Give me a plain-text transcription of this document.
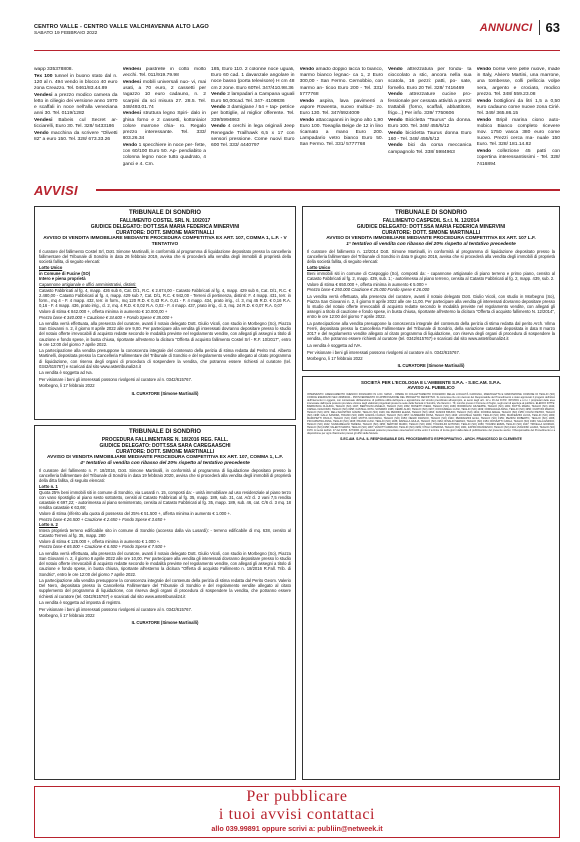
CENTRO VALLE - CENTRO VALLE VALCHIAVENNA ALTO LAGO
SABATO 19 FEBBRAIO 2022	ANNUNCI	63
wapp 335378808.
Tex 100 tunnel in buono stato dal n. 120 al n. 494 vendo in blocco 40 euro zona Creazzo. Tel. 0461/83.44.89
Vendesi a prezzo modico camera da letto in ciliegio dei versione anno 1970 e scaffali in noce nell'alla veneziana anni 30. Tel. 0119/1282
Vendesi Babeis cul Secret ar- ticciarelli, Euro 30. Tel. 328/ 5433186
Vendo macchina da scrivere "Olivetti 82" a euro 150. Tel. 328/ 673.33.26
Vendesi piastrelle in cotto molto vecchi. Tel. 011/919.79.98
Vendesi mobili universali nuo- vi, mai usati, a 70 euro, 2 cassetti per ragazzo 10 euro cadauno, n. 2 scarpini da sci misura 27. 28.5. Tel. 348/493.01.74
Vendesi struttura legno Spiri- dalo in ghisa forno e 2 cassetti, kottoniaio! colore marrone chia- ro. Regalo prezzo interessante. Tel. 333/ 803.26.34
Vendo 1 specchiere in noce per- fette, con 60/100 Euro 50. Ap- pendiabito a colonna legno noce tutto quadrato, 4 ganci e 4. Cm.
185, Euro 110. 2 colonne noce uguali, Euro 60 cad. 1 davanzale angolare in noce basso (porta televisore) H cm 48 cm 2 zone. Euro 60Tel. 347/410.98.36
Vendo 2 lampadari a Campana uguali Euro 50,00cad. Tel. 347- 4109836
Vendo 3 damigiane / 54 + tap- petrice per bottiglie, al miglior offerente. Tel. 339/5994863
Vendo 4 cerchi in lega originali Jeep Renegade Trailhawk 6,5 x 17 con sensori pressione. Come nuovi Euro 600 Tel. 333/ 4440797
Vendo amado doppio lacca to bianco, marmo bianco legnac- ca 1, 2 Euro 300,00 - San Fermo. Cernobbio, con marmo an- ticoo Euro 200 - Tel. 331/ 5777768
Vendo aspira, lava pavimenti a vapore Rowenta, nuovo multiuz- zo. Euro 130. Tel. 347/6924009
Vendo attaccapanni in legno alto 1,90 Euro 100. Toeaglia Beige de 12 in lino ricamato a mano Euro 200. Lampadario vetro bianco Euro 50. San Fermo. Tel. 331/ 5777768
Vendo attrezzatura per fondu- ta cioccolato a stic, ancora nella sua scatola, 16 pezzi: patti, po- sate, fornello. Euro 20 Tel. 328/ 7416469
Vendo attrezzature cucine pro- fessionale per cessata attività a prezzi trattabili (forno, scaffali, abbattitore, frigo...) Per info. 339/ 7750606
Vendo Bicicletta "Taurus" da donna. Euro 100. Tel. 348/ 455/5/12
Vendo bicicletta Taurus donna Euro 160 - Tel. 348/ 455/5/12
Vendo bici da corsa meccanica campagnolo Tel. 338/ 5984963
Vendo borse vere pelle nuove, made in Italy, Alviero Martini, una marrone, una tombesse, colli pelliccia volpe nera, argento e crociato, modico prezzo. Tel. 348/ 559.23.08
Vendo bottiglioni da litri 1,5 a 0,50 euro cadauno come nuove zona Cirié. Tel. 349/ 365.86.15
Vendo Bripil marina ciono auto- mobico Bianco completo ricevere mov. 1750 vasca 380 euro come nuovo. Prezzi cerca ma- nuale 150 Euro. Tel. 328/ 181.14.82
Vendo collezione 45 patti con copertina interessantissimi - Tel. 328/ 7416894
AVVISI
TRIBUNALE DI SONDRIO
FALLIMENTO COSTEL SRL N. 10/2017
GIUDICE DELEGATO: DOTT.SSA MARIA FEDERICA MINERVINI
CURATORE: DOTT. SIMONE MARTINALLI
AVVISO DI VENDITA IMMOBILIARE MEDIANTE PROCEDURA COMPETITIVA EX ART. 107, COMMA 1, L.F. - V TENTATIVO

Il curatore del fallimento Costel Srl, Dott. Simone Martinalli, in conformità al programma di liquidazione depositato presso la cancelleria fallimentare del Tribunale di Sondrio in data 26 febbraio 2019, avvisa che si procederà alla vendita degli immobili di proprietà della società fallita, di seguito elencati:

Lotto Unico

in Comune di Fucine (SO)

Intero e piena proprietà

Capannone artigianale e uffici amministrativi, distinti:

Catasto Fabbricati al fg. 4, mapp. 426 sub 6, Cat. D/1, R.C. € 2.674,00 - Catasto Fabbricati al fg. 4, mapp. 429 sub 6, Cat. D/1, R.C. € 2.480,00 - Catasto Fabbricati al fg. 4, mapp. 429 sub 7, Cat. D/1, R.C. € 942,00 - Terreni di pertinenza, distinti: F. 4 mapp. 431, terr. in form., mq 4 - F. 4 mapp. 432, terr. in form., mq 120 R.D. € 0,43 R.A. 0,41 - F. 4 mapp. 434, prato irrig., cl. 3, mq 45 R.D. € 0,16 R.A. 0,16 - F. 4 mapp. 436, prato irrig., cl. 2, mq. 4 R.D. € 0,02 R.A. 0,02 - F. 4 mapp. 437, prato irrig., cl. 3, mq. 24 R.D. € 0,07 R.A. 0,07

Valore di stima € 842.000 +, offerta minima in aumento € 10.000,00 +

Prezzo base € 340.000 + Cauzione € 34.600 + Fondo Spese € 35.000 +

La vendita verrà effettuata, alla presenza del curatore, avanti il notaio delegato Dott. Giulio Vicoli, con studio in Morbegno (So), Piazza San Giovanni n. 2, il giorno 8 aprile 2022 alle ore 9,00. Per partecipare alla vendita gli interessati dovranno depositare presso lo studio del notaio offerte irrevocabili di acquisto redatte secondo le modalità previste nel regolamento vendite, con allegati gli assegni a titolo di cauzione e fondo spese, in busta chiusa, riportante all'esterno la dicitura "Offerta di acquisto fallimento Costel Srl - R.F. 10/2017", entro le ore 12:00 del giorno 7 aprile 2022.

La partecipazione alla vendita presuppone la conoscenza integrale del contenuto della perizia di stima redatta dal Perito Ind. Alberto Martinelli, depositata presso la Cancelleria Fallimentare del Tribunale di Sondrio e del regolamento vendite allegato al citato programma di liquidazione, con riserva degli organi di procedura di sospendere la vendita, che potranno essere richiesti al curatore (tel. 0342/615767) e scaricati dal sito www.astetribunali24.it

La vendita è soggetta ad Iva.

Per visionare i beni gli interessati possono rivolgersi al curatore al n. 0342/615767.

Morbegno, li 17 febbraio 2022

IL CURATORE (Simone Martinalli)
TRIBUNALE DI SONDRIO
FALLIMENTO CASPEDIL S.r.l. N. 12/2014
GIUDICE DELEGATO: DOTT.SSA MARIA FEDERICA MINERVINI
CURATORE: DOTT. SIMONE MARTINALLI
AVVISO DI VENDITA IMMOBILIARE MEDIANTE PROCEDURA COMPETITIVA EX ART. 107 L.F.
1° tentativo di vendita con ribasso del 20% rispetto al tentativo precedente

Il curatore del fallimento n. 12/2014 Dott. Simone Martinalli, in conformità al programma di liquidazione depositato presso la cancelleria fallimentare del Tribunale di Sondrio in data 9 giugno 2016, avvisa che si procederà alla vendita degli immobili di proprietà della società fallita, di seguito elencati:

Lotto Unico

Beni immobili siti in comune di Caspoggio (So), composti da: - capannone artigianale di piano terreno e primo piano, censito al Catasto Fabbricati al fg. 2, mapp. 439, sub. 1; - autorimessa al piano terreno, censita al Catasto Fabbricati al fg. 2, mapp. 439, sub. 2.

Valore di stima € 650.000 +, offerta minima in aumento € 5.000 +

Prezzo base € 250.000 Cauzione € 25.000 Fondo spese € 26.000

La vendita verrà effettuata, alla presenza del curatore, avanti il notaio delegato Dott. Giulio Vicoli, con studio in Morbegno (So), Piazza San Giovanni n. 2, il giorno 8 aprile 2022 alle ore 11,00. Per partecipare alla vendita gli interessati dovranno depositare presso lo studio del notaio offerte irrevocabili di acquisto redatte secondo le modalità previste nel regolamento vendite, con allegati gli assegni a titolo di cauzione e fondo spese, in busta chiusa, riportante all'esterno la dicitura "Offerta di acquisto fallimento N. 12/2014", entro le ore 12:00 del giorno 7 aprile 2022.

La partecipazione alla vendita presuppone la conoscenza integrale del contenuto della perizia di stima redatta dal perito Arch. Vilma Ferré, depositata presso la Cancelleria Fallimentare del Tribunale di Sondrio, della variazione catastale depositata in data 8 marzo 2017 e del regolamento vendite allegato al citato programma di liquidazione, con riserva degli organi di procedura di sospendere la vendita, che potranno essere richiesti al curatore (tel. 0342/615767) e scaricati dal sito www.astetribunali24.it

La vendita è soggetta ad IVA.

Per visionare i beni gli interessati possono rivolgersi al curatore al n. 0342/615767.

Morbegno, li 17 febbraio 2022

IL CURATORE (Simone Martinalli)
TRIBUNALE DI SONDRIO
PROCEDURA FALLIMENTARE N. 18/2016 REG. FALL.
GIUDICE DELEGATO: DOTT.SSA SARA CAREGAASCHI
CURATORE: DOTT. SIMONE MARTINALLI
AVVISO DI VENDITA IMMOBILIARE MEDIANTE PROCEDURA COMPETITIVA EX ART. 107, COMMA 1, L.F.
4° tentativo di vendita con ribasso del 20% rispetto al tentativo precedente

Il curatore del fallimento n. F. 18/2016, Dott. Simone Martinalli, in conformità al programma di liquidazione depositato presso la cancelleria fallimentare del Tribunale di Sondrio in data 19 febbraio 2020, avvisa che si procederà alla vendita degli immobili di proprietà della ditta fallita, di seguito elencati:

Lotto n. 1

Quota 25% beni immobili siti in comune di Sondrio, via Lusardi n. 15, composti da: - unità immobiliare ad uso residenziale al piano terzo con vano ripostiglio al piano sesto sottotetto, censiti al Catasto Fabbricati al fg. 35, mapp. 189, sub. 31, cat. A/2 cl. 2 vani 7,5 rendita catastale € 697,22; - autorimessa al piano seminterrato, censita al Catasto Fabbricati al fg. 35, mapp. 189, sub. 46, cat. C/6 cl. 3 mq. 18 rendita catastale € 63,69;

Valore di stima (riferito alla quota di possesso del 25% € 51.500 +, offerta minima in aumento € 1.000 +.

Prezzo base € 26.500 + Cauzione € 2.650 + Fondo Spese € 3.650 +

Lotto n. 2

Intera proprietà terreno edificabile sito in comune di Sondrio (accesso dalla via Lusardi): - terreno edificabile di mq. 638, censito al Catasto Terreni al fg. 35, mapp. 280

Valore di stima € 126.000 +, offerta minima in aumento € 1.000 +.

Prezzo base € 65.000 + Cauzione € 6.500 + Fondo Spese € 7.500 +

La vendita verrà effettuata, alla presenza del curatore, avanti il notaio delegato Dott. Giulio Vicoli, con studio in Morbegno (So), Piazza San Giovanni n. 2, il giorno 8 aprile 2022 alle ore 10,00. Per partecipare alla vendita gli interessati dovranno depositare presso lo studio del notaio offerte irrevocabili di acquisto redatte secondo le modalità previste nel regolamento vendite, con allegati gli assegni a titolo di cauzione e fondo spese, in busta chiusa, riportante all'esterno la dicitura "Offerta di acquisto Fallimento n. 18/2016 R.Fall. Trib. di Sondrio", entro le ore 12:00 del giorno 7 aprile 2022.

La partecipazione alla vendita presuppone la conoscenza integrale del contenuto della perizia di stima redatta dal Perito Geom. Valerio Del Nero, depositata presso la Cancelleria Fallimentare del Tribunale di Sondrio e del regolamento vendite allegato al citato supplemento del programma di liquidazione, con riserva degli organi di procedura di sospendere la vendita, che potranno essere richiesti al curatore (tel. 0342/615767) e scaricati dal sito www.astetribunali24.it

La vendita è soggetta ad imposta di registro.

Per visionare i beni gli interessati possono rivolgersi al curatore al n. 0342/615767.

Morbegno, li 17 febbraio 2022

IL CURATORE (Simone Martinalli)
SOCIETÀ PER L'ECOLOGIA E L'AMBIENTE S.P.A. - S.EC.AM. S.P.A.
AVVISO AL PUBBLICO
INTERVENTO: ADEGUAMENTO IGIENICO FOGNARIO IN LOC. MASO - OPERE DI COLLETTAMENTO FOGNARIO DELLE LOCALITÀ CAROLNA, MARZOLETTA E MARONZIONE COMUNE DI TEGLIO (SO) CODICE ESERCIZIO SEC 2068/2021 - PROVVEDIMENTO DI APPROVAZIONE DEL PROGETTO DEFINITIVO. Si comunica che con decreto del Responsabile del Procedimento è stato approvato il progetto definitivo dell'intervento in oggetto, con contestuale dichiarazione di pubblica utilità dell'opera e apposizione del vincolo preordinato all'esproprio, ai sensi degli artt. 12 e 16 del D.P.R. 327/2001 e s.m.i. I proprietari delle aree interessate dall'opera possono prendere visione degli elaborati progettuali presso la sede della Società in Sondrio, Via Vanoni n. 79, nonché presso il Comune di Teglio, negli orari di apertura al pubblico. ELENCO DITTE: BARBUSCIA CLAUDIA, TEGLIO (SO) 1947; BERTOLINI ANGELO, TEGLIO (SO) 1952; BONETTI PIERA, TEGLIO (SO) 1939; BORMOLINI GIUSEPPE, TEGLIO (SO) 1961; BOTTÀ MARIA, TEGLIO (SO) 1944; CAPELLI GIACOMO, TEGLIO (SO) 1958; CASTELLI RITA, SONDRIO 1965; CERRI ALDO, TEGLIO (SO) 1937; CIOCCARELLI LUIGI, TEGLIO (SO) 1949; CORNAGGIA ANNA, TEGLIO (SO) 1950; CURTONI MARCO, TEGLIO (SO) 1972; DELL'AGOSTINO GIANNI, TEGLIO (SO) 1946; DE PEDRINI ELENA, TEGLIO (SO) 1963; FANONI BRUNO, TEGLIO (SO) 1941; FIORINA ADELE, TEGLIO (SO) 1955; FOLINI PIETRO, TEGLIO (SO) 1938; GALLI SANDRA, TIRANO (SO) 1968; GIANOLI CARLO, TEGLIO (SO) 1957; GUSMERINI ROSA, TEGLIO (SO) 1943; LOCATELLI MARIO, TEGLIO (SO) 1951; MAFFEZZINI LUCIA, TEGLIO (SO) 1960; MARCHETTI PAOLO, TEGLIO (SO) 1948; MOTTA GIOVANNA, TEGLIO (SO) 1953; NEGRI FRANCO, TEGLIO (SO) 1940; PEDRANZINI ELSA, TEGLIO (SO) 1959; PEZZINI ROBERTO, TEGLIO (SO) 1966; PICCAPIETRA ANNA, TEGLIO (SO) 1945; PRANDI LUIGI, TEGLIO (SO) 1936; RAPELLA GIULIA, TEGLIO (SO) 1962; RINALDI SERGIO, TEGLIO (SO) 1954; ROSSATTI CARLA, TEGLIO (SO) 1969; SALA ENRICO, TEGLIO (SO) 1942; SCARAMELLINI TERESA, TEGLIO (SO) 1956; SERTORI MARIO, TEGLIO (SO) 1964; TOGNOLINI ANTONIO, TEGLIO (SO) 1950; TOGNINI EMMA, TEGLIO (SO) 1947; TRIVELLA GIORGIO, TEGLIO (SO) 1958; VALENTI MARTA, TEGLIO (SO) 1967; VANOTTI ADRIANO, TEGLIO (SO) 1939; VITALI CATERINA, TEGLIO (SO) 1961; ZAPPA FRANCESCO, TEGLIO (SO) 1944; ZUGNONI LAURA, TEGLIO (SO) 1970. Ai sensi dell'art. 17 del D.P.R. 327/2001 gli interessati possono presentare osservazioni scritte entro il termine di trenta giorni dalla data di pubblicazione del presente avviso. Il Responsabile del Procedimento è a disposizione per ogni chiarimento presso gli uffici della Società.
S.EC.AM. S.P.A. IL RESPONSABILE DEL PROCEDIMENTO ESPROPRIATIVO - ARCH. FRANCESCO DI CLEMENTE
Per pubblicare
i tuoi avvisi contattaci
allo 039.99891 oppure scrivi a: publiin@netweek.it
